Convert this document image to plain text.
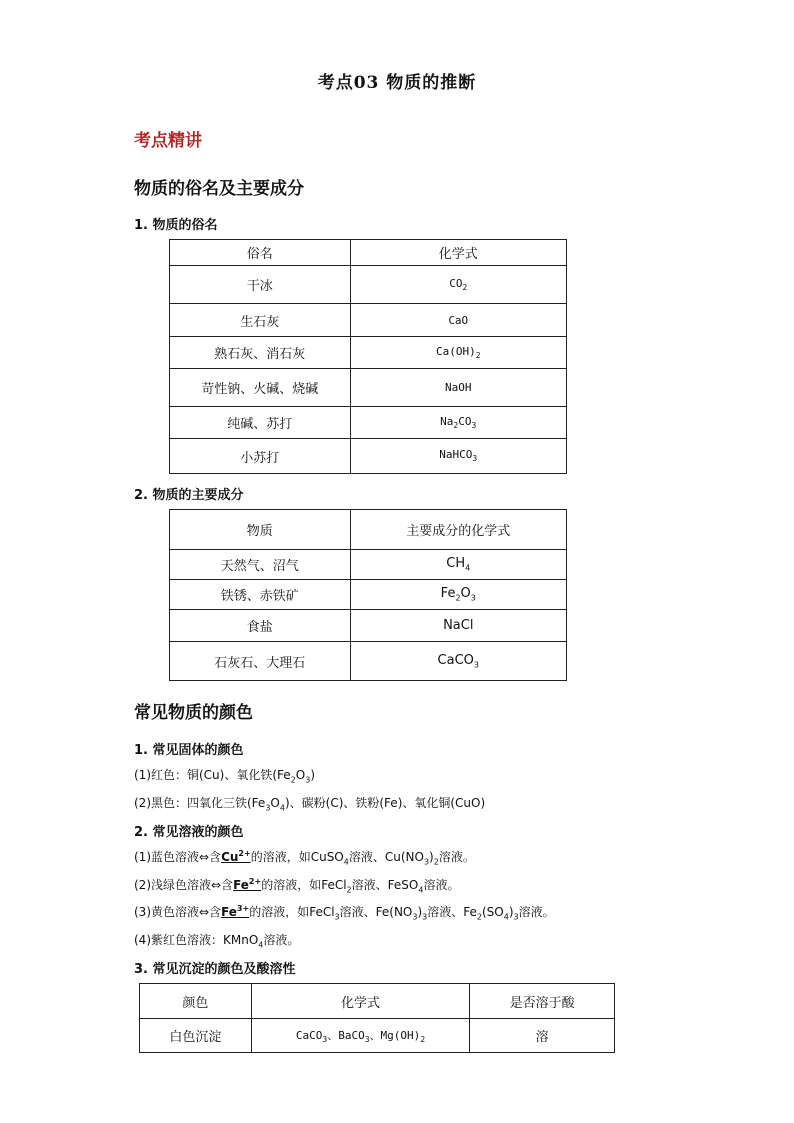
考点03 物质的推断
考点精讲
物质的俗名及主要成分
1. 物质的俗名
俗名	化学式
干冰	$CO_2$
生石灰	CaO
熟石灰、消石灰	$Ca(OH)_2$
苛性钠、火碱、烧碱	NaOH
纯碱、苏打	$Na_2CO_3$
小苏打	NaHCO$_3$
2. 物质的主要成分
物质	主要成分的化学式
天然气、沼气	$CH_4$
铁锈、赤铁矿	$Fe_2O_3$
食盐	NaCl
石灰石、大理石	CaCO$_3$
常见物质的颜色
1. 常见固体的颜色
(1)红色：铜(Cu)、氧化铁$(Fe_2O_3)$
(2)黑色：四氧化三铁$(Fe_3O_4)$、碳粉(C)、铁粉(Fe)、氧化铜(CuO)
2. 常见溶液的颜色
(1)蓝色溶液⇔含$Cu^{2+}$的溶液，如CuSO$_4$溶液、$Cu(NO_3)_2$溶液。
(2)浅绿色溶液⇔含$Fe^{2+}$的溶液，如FeCl$_2$溶液、FeSO$_4$溶液。
(3)黄色溶液⇔含$Fe^{3+}$的溶液，如FeCl$_3$溶液、$Fe(NO_3)_3$溶液、$Fe_2(SO_4)_3$溶液。
(4)紫红色溶液：KMnO$_4$溶液。
3. 常见沉淀的颜色及酸溶性
颜色	化学式	是否溶于酸
白色沉淀	CaCO$_3$、BaCO$_3$、$Mg(OH)_2$	溶
